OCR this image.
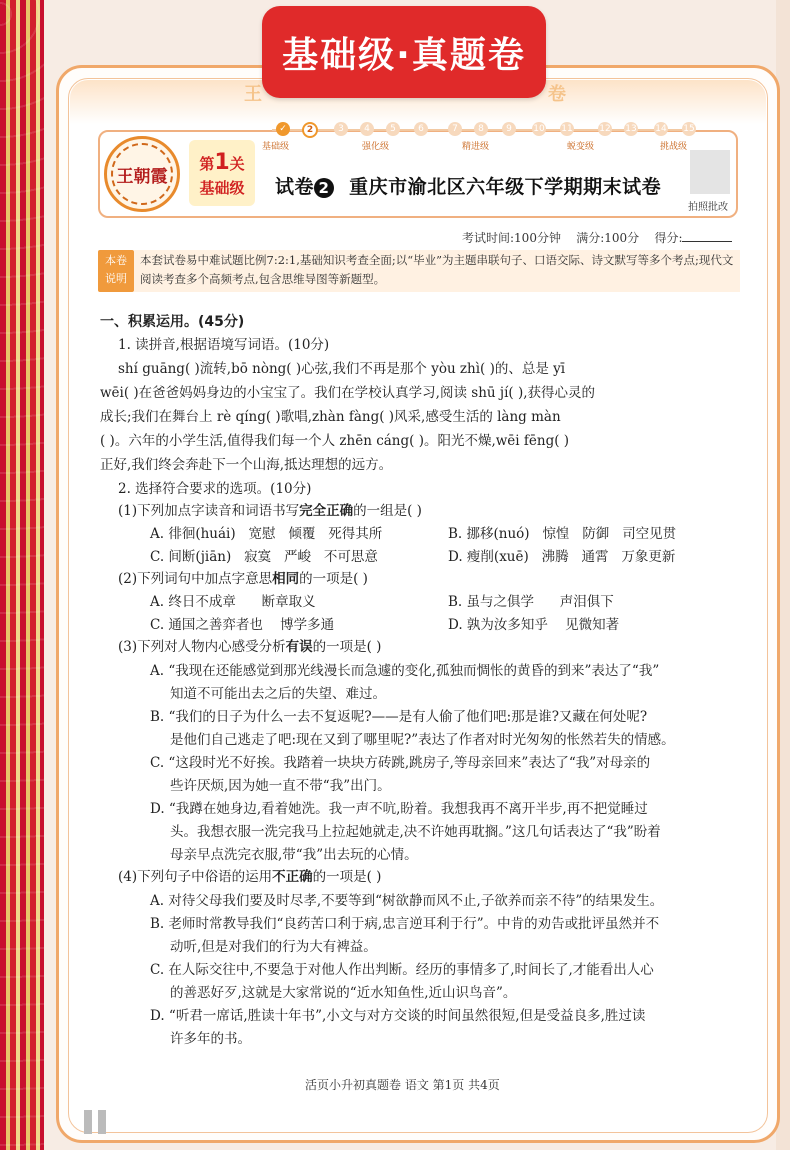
王	卷
基础级·真题卷
王朝霞
第1关
基础级
✓	2	3	4	5	6	7	8	9	10 11	12 13 14 15
基础级	强化级	精进级	蜕变级	挑战级
试卷 2 重庆市渝北区六年级下学期期末试卷
拍照批改
考试时间:100分钟 满分:100分 得分:
本卷
说明
本套试卷易中难试题比例7:2:1,基础知识考查全面;以“毕业”为主题串联句子、口语交际、诗文默写等多个考点;现代文阅读考查多个高频考点,包含思维导图等新题型。
一、积累运用。(45分)
1. 读拼音,根据语境写词语。(10分)
shí guāng( )流转,bō nòng( )心弦,我们不再是那个 yòu zhì( )的、总是 yī
wēi( )在爸爸妈妈身边的小宝宝了。我们在学校认真学习,阅读 shū jí( ),获得心灵的
成长;我们在舞台上 rè qíng( )歌唱,zhàn fàng( )风采,感受生活的 làng màn
( )。六年的小学生活,值得我们每一个人 zhēn cáng( )。阳光不燥,wēi fēng( )
正好,我们终会奔赴下一个山海,抵达理想的远方。
2. 选择符合要求的选项。(10分)
(1)下列加点字读音和词语书写完全正确的一组是( )
A. 徘徊(huái) 宽慰 倾覆 死得其所	B. 挪移(nuó) 惊惶 防御 司空见贯
C. 间断(jiān) 寂寞 严峻 不可思意	D. 瘦削(xuē) 沸腾 通霄 万象更新
(2)下列词句中加点字意思相同的一项是( )
A. 终日不成章 断章取义	B. 虽与之俱学 声泪俱下
C. 通国之善弈者也 博学多通	D. 孰为汝多知乎 见微知著
(3)下列对人物内心感受分析有误的一项是( )
A. “我现在还能感觉到那光线漫长而急遽的变化,孤独而惆怅的黄昏的到来”表达了“我”
知道不可能出去之后的失望、难过。
B. “我们的日子为什么一去不复返呢?——是有人偷了他们吧:那是谁?又藏在何处呢?
是他们自己逃走了吧:现在又到了哪里呢?”表达了作者对时光匆匆的怅然若失的情感。
C. “这段时光不好挨。我踏着一块块方砖跳,跳房子,等母亲回来”表达了“我”对母亲的
些许厌烦,因为她一直不带“我”出门。
D. “我蹲在她身边,看着她洗。我一声不吭,盼着。我想我再不离开半步,再不把觉睡过
头。我想衣服一洗完我马上拉起她就走,决不许她再耽搁。”这几句话表达了“我”盼着
母亲早点洗完衣服,带“我”出去玩的心情。
(4)下列句子中俗语的运用不正确的一项是( )
A. 对待父母我们要及时尽孝,不要等到“树欲静而风不止,子欲养而亲不待”的结果发生。
B. 老师时常教导我们“良药苦口利于病,忠言逆耳利于行”。中肯的劝告或批评虽然并不
动听,但是对我们的行为大有裨益。
C. 在人际交往中,不要急于对他人作出判断。经历的事情多了,时间长了,才能看出人心
的善恶好歹,这就是大家常说的“近水知鱼性,近山识鸟音”。
D. “听君一席话,胜读十年书”,小文与对方交谈的时间虽然很短,但是受益良多,胜过读
许多年的书。
活页小升初真题卷 语文 第1页 共4页
